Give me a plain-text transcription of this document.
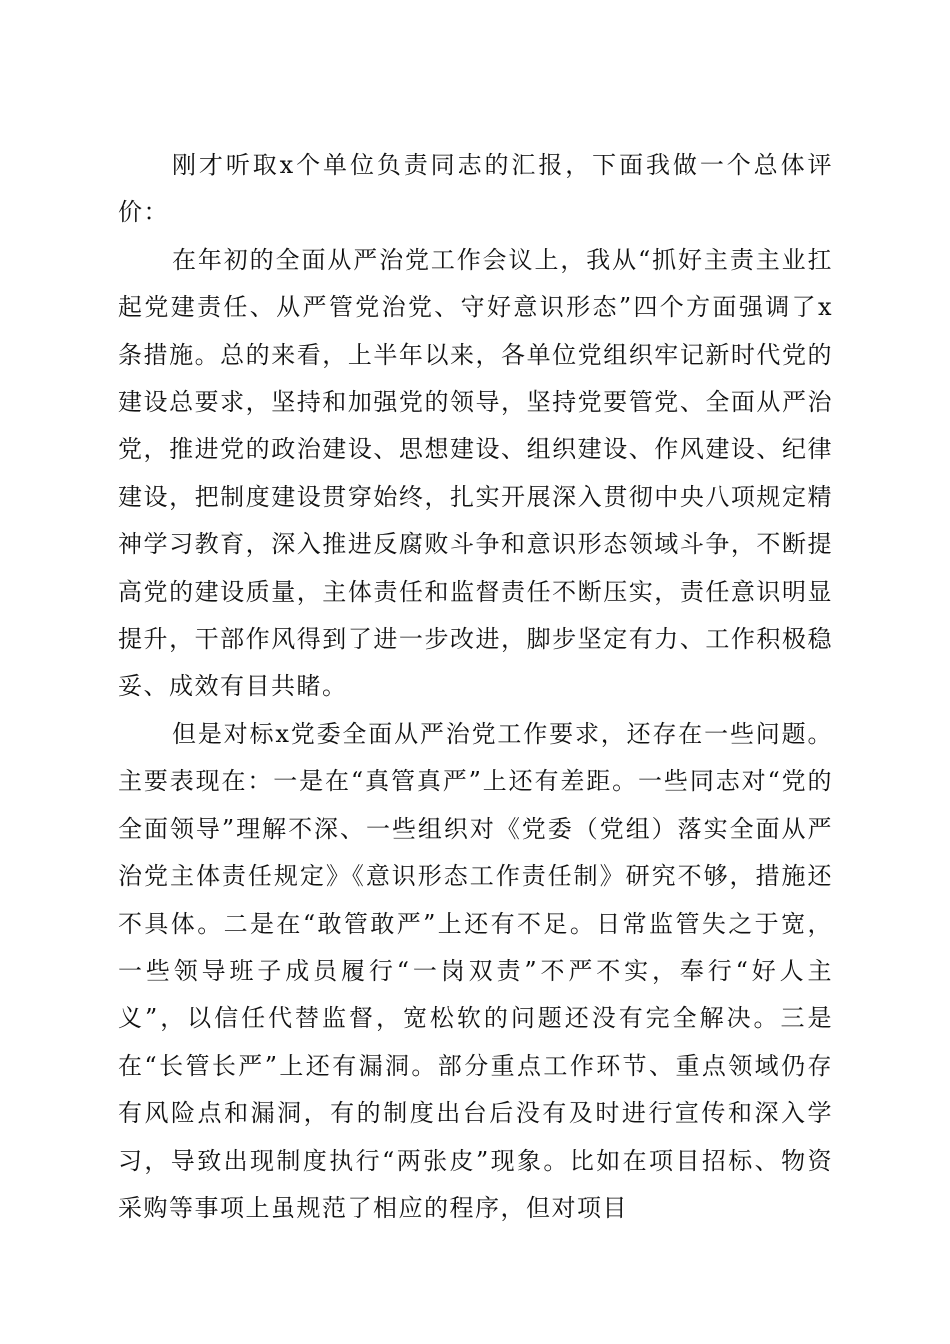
刚才听取x个单位负责同志的汇报，下面我做一个总体评价：

在年初的全面从严治党工作会议上，我从“抓好主责主业扛起党建责任、从严管党治党、守好意识形态”四个方面强调了x条措施。总的来看，上半年以来，各单位党组织牢记新时代党的建设总要求，坚持和加强党的领导，坚持党要管党、全面从严治党，推进党的政治建设、思想建设、组织建设、作风建设、纪律建设，把制度建设贯穿始终，扎实开展深入贯彻中央八项规定精神学习教育，深入推进反腐败斗争和意识形态领域斗争，不断提高党的建设质量，主体责任和监督责任不断压实，责任意识明显提升，干部作风得到了进一步改进，脚步坚定有力、工作积极稳妥、成效有目共睹。

但是对标x党委全面从严治党工作要求，还存在一些问题。主要表现在：一是在“真管真严”上还有差距。一些同志对“党的全面领导”理解不深、一些组织对《党委（党组）落实全面从严治党主体责任规定》《意识形态工作责任制》研究不够，措施还不具体。二是在“敢管敢严”上还有不足。日常监管失之于宽，一些领导班子成员履行“一岗双责”不严不实，奉行“好人主义”，以信任代替监督，宽松软的问题还没有完全解决。三是在“长管长严”上还有漏洞。部分重点工作环节、重点领域仍存有风险点和漏洞，有的制度出台后没有及时进行宣传和深入学习，导致出现制度执行“两张皮”现象。比如在项目招标、物资采购等事项上虽规范了相应的程序，但对项目
